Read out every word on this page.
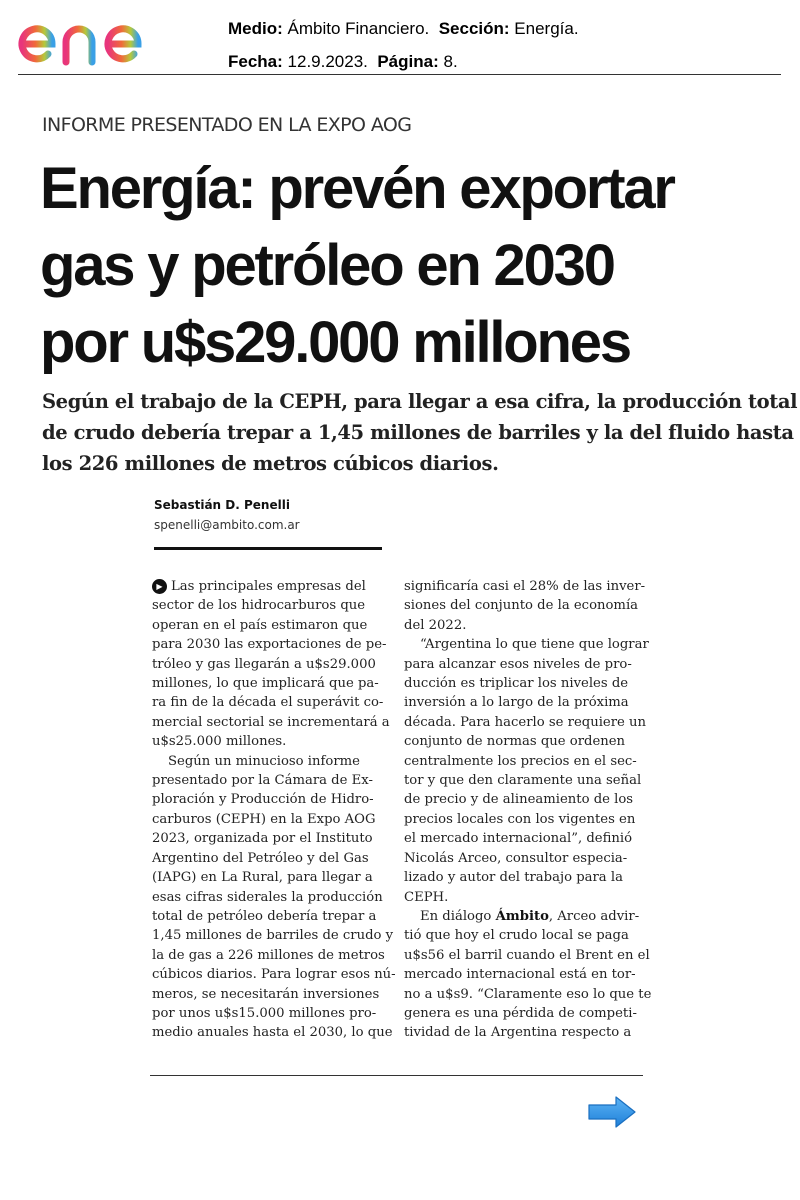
Medio: Ámbito Financiero. Sección: Energía.
Fecha: 12.9.2023. Página: 8.
INFORME PRESENTADO EN LA EXPO AOG
Energía: prevén exportar
gas y petróleo en 2030
por u$s29.000 millones
Según el trabajo de la CEPH, para llegar a esa cifra, la producción total
de crudo debería trepar a 1,45 millones de barriles y la del fluido hasta
los 226 millones de metros cúbicos diarios.
Sebastián D. Penelli
spenelli@ambito.com.ar
▶ Las principales empresas del
sector de los hidrocarburos que
operan en el país estimaron que
para 2030 las exportaciones de pe-
tróleo y gas llegarán a u$s29.000
millones, lo que implicará que pa-
ra fin de la década el superávit co-
mercial sectorial se incrementará a
u$s25.000 millones.
Según un minucioso informe
presentado por la Cámara de Ex-
ploración y Producción de Hidro-
carburos (CEPH) en la Expo AOG
2023, organizada por el Instituto
Argentino del Petróleo y del Gas
(IAPG) en La Rural, para llegar a
esas cifras siderales la producción
total de petróleo debería trepar a
1,45 millones de barriles de crudo y
la de gas a 226 millones de metros
cúbicos diarios. Para lograr esos nú-
meros, se necesitarán inversiones
por unos u$s15.000 millones pro-
medio anuales hasta el 2030, lo que
significaría casi el 28% de las inver-
siones del conjunto de la economía
del 2022.
“Argentina lo que tiene que lograr
para alcanzar esos niveles de pro-
ducción es triplicar los niveles de
inversión a lo largo de la próxima
década. Para hacerlo se requiere un
conjunto de normas que ordenen
centralmente los precios en el sec-
tor y que den claramente una señal
de precio y de alineamiento de los
precios locales con los vigentes en
el mercado internacional”, definió
Nicolás Arceo, consultor especia-
lizado y autor del trabajo para la
CEPH.
En diálogo Ámbito, Arceo advir-
tió que hoy el crudo local se paga
u$s56 el barril cuando el Brent en el
mercado internacional está en tor-
no a u$s9. “Claramente eso lo que te
genera es una pérdida de competi-
tividad de la Argentina respecto a
